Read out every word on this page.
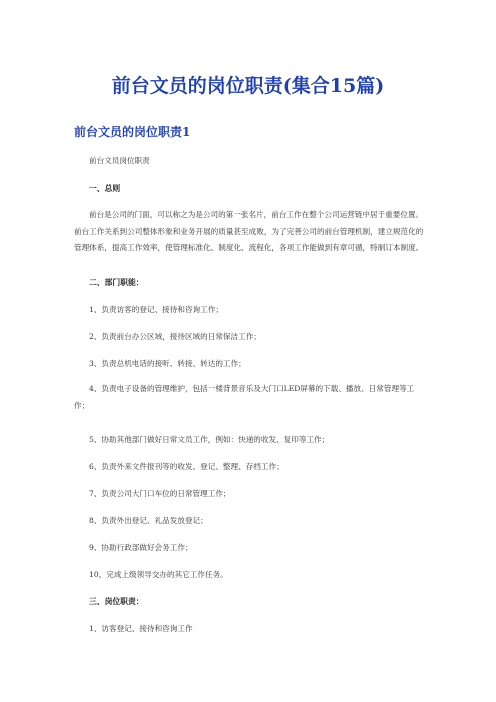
前台文员的岗位职责(集合15篇)
前台文员的岗位职责1
前台文员岗位职责
一、总则
前台是公司的门面，可以称之为是公司的第一张名片，前台工作在整个公司运营链中居于重要位置。前台工作关系到公司整体形象和业务开展的质量甚至成败，为了完善公司的前台管理机制，建立规范化的管理体系，提高工作效率，使管理标准化、制度化、流程化，各项工作能做到有章可循，特制订本制度。
二、部门职能：
1、负责访客的登记、接待和咨询工作；
2、负责前台办公区域，接待区域的日常保洁工作；
3、负责总机电话的接听、转接、转达的工作；
4、负责电子设备的管理维护，包括一楼背景音乐及大门口LED屏幕的下载、播放、日常管理等工作；
5、协助其他部门做好日常文员工作，例如：快递的收发、复印等工作；
6、负责外来文件报刊等的收发、登记、整理、存档工作；
7、负责公司大门口车位的日常管理工作；
8、负责外出登记、礼品发放登记；
9、协助行政部做好会务工作；
10、完成上级领导交办的其它工作任务。
三、岗位职责：
1、访客登记、接待和咨询工作
